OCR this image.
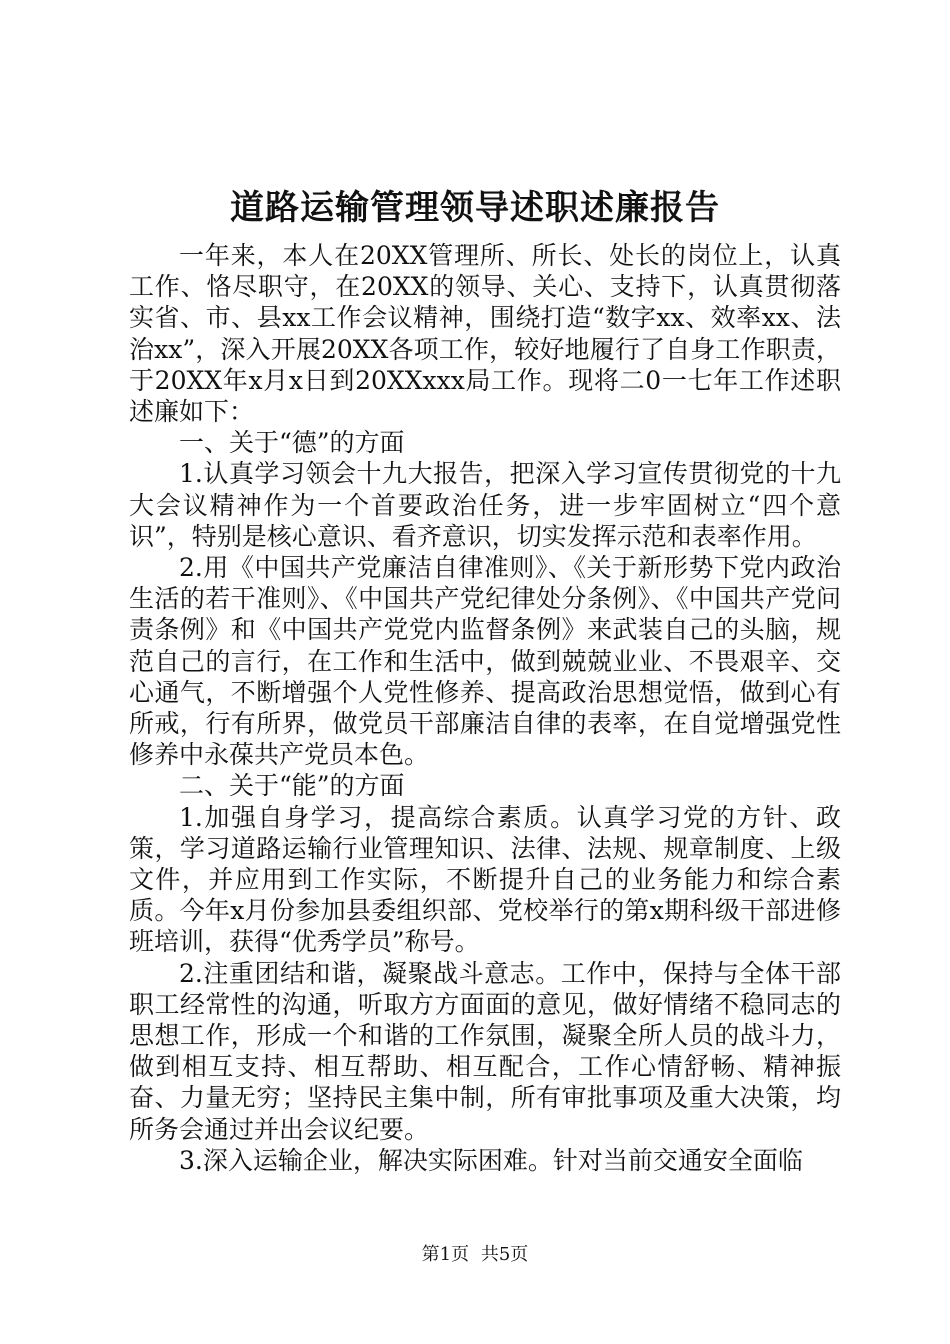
道路运输管理领导述职述廉报告

一年来，本人在20XX管理所、所长、处长的岗位上，认真工作、恪尽职守，在20XX的领导、关心、支持下，认真贯彻落实省、市、县xx工作会议精神，围绕打造“数字xx、效率xx、法治xx”，深入开展20XX各项工作，较好地履行了自身工作职责，于20XX年x月x日到20XXxxx局工作。现将二0一七年工作述职述廉如下：

一、关于“德”的方面

1.认真学习领会十九大报告，把深入学习宣传贯彻党的十九大会议精神作为一个首要政治任务，进一步牢固树立“四个意识”，特别是核心意识、看齐意识，切实发挥示范和表率作用。

2.用《中国共产党廉洁自律准则》、《关于新形势下党内政治生活的若干准则》、《中国共产党纪律处分条例》、《中国共产党问责条例》和《中国共产党党内监督条例》来武装自己的头脑，规范自己的言行，在工作和生活中，做到兢兢业业、不畏艰辛、交心通气，不断增强个人党性修养、提高政治思想觉悟，做到心有所戒，行有所界，做党员干部廉洁自律的表率，在自觉增强党性修养中永葆共产党员本色。

二、关于“能”的方面

1.加强自身学习，提高综合素质。认真学习党的方针、政策，学习道路运输行业管理知识、法律、法规、规章制度、上级文件，并应用到工作实际，不断提升自己的业务能力和综合素质。今年x月份参加县委组织部、党校举行的第x期科级干部进修班培训，获得“优秀学员”称号。

2.注重团结和谐，凝聚战斗意志。工作中，保持与全体干部职工经常性的沟通，听取方方面面的意见，做好情绪不稳同志的思想工作，形成一个和谐的工作氛围，凝聚全所人员的战斗力，做到相互支持、相互帮助、相互配合，工作心情舒畅、精神振奋、力量无穷；坚持民主集中制，所有审批事项及重大决策，均所务会通过并出会议纪要。

3.深入运输企业，解决实际困难。针对当前交通安全面临

第1页 共5页
